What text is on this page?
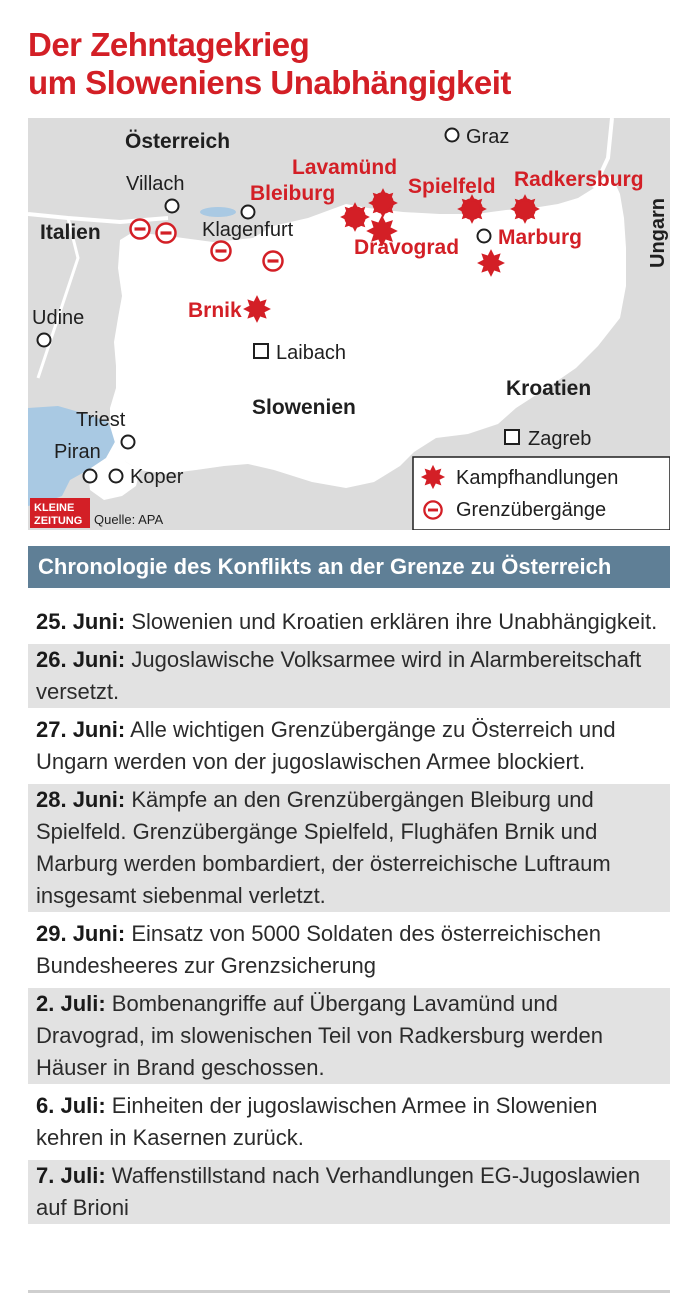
Der Zehntagekrieg
um Sloweniens Unabhängigkeit
Österreich
Italien	Ungarn
Slowenien
Kroatien
Graz
Villach
Klagenfurt
Udine
Laibach
Triest
Piran
Koper
Zagreb
Lavamünd
Bleiburg	Spielfeld Radkersburg
Dravograd Marburg
Brnik
Kampfhandlungen
Grenzübergänge
KLEINE
ZEITUNG Quelle: APA
Chronologie des Konflikts an der Grenze zu Österreich
25. Juni: Slowenien und Kroatien erklären ihre Unabhängigkeit.
26. Juni: Jugoslawische Volksarmee wird in Alarmbereitschaft versetzt.
27. Juni: Alle wichtigen Grenzübergänge zu Österreich und Ungarn werden von der jugoslawischen Armee blockiert.
28. Juni: Kämpfe an den Grenzübergängen Bleiburg und Spielfeld. Grenzübergänge Spielfeld, Flughäfen Brnik und Marburg werden bombardiert, der österreichische Luftraum insgesamt siebenmal verletzt.
29. Juni: Einsatz von 5000 Soldaten des österreichischen Bundesheeres zur Grenzsicherung
2. Juli: Bombenangriffe auf Übergang Lavamünd und Dravograd, im slowenischen Teil von Radkersburg werden Häuser in Brand geschossen.
6. Juli: Einheiten der jugoslawischen Armee in Slowenien kehren in Kasernen zurück.
7. Juli: Waffenstillstand nach Verhandlungen EG-Jugoslawien auf Brioni
